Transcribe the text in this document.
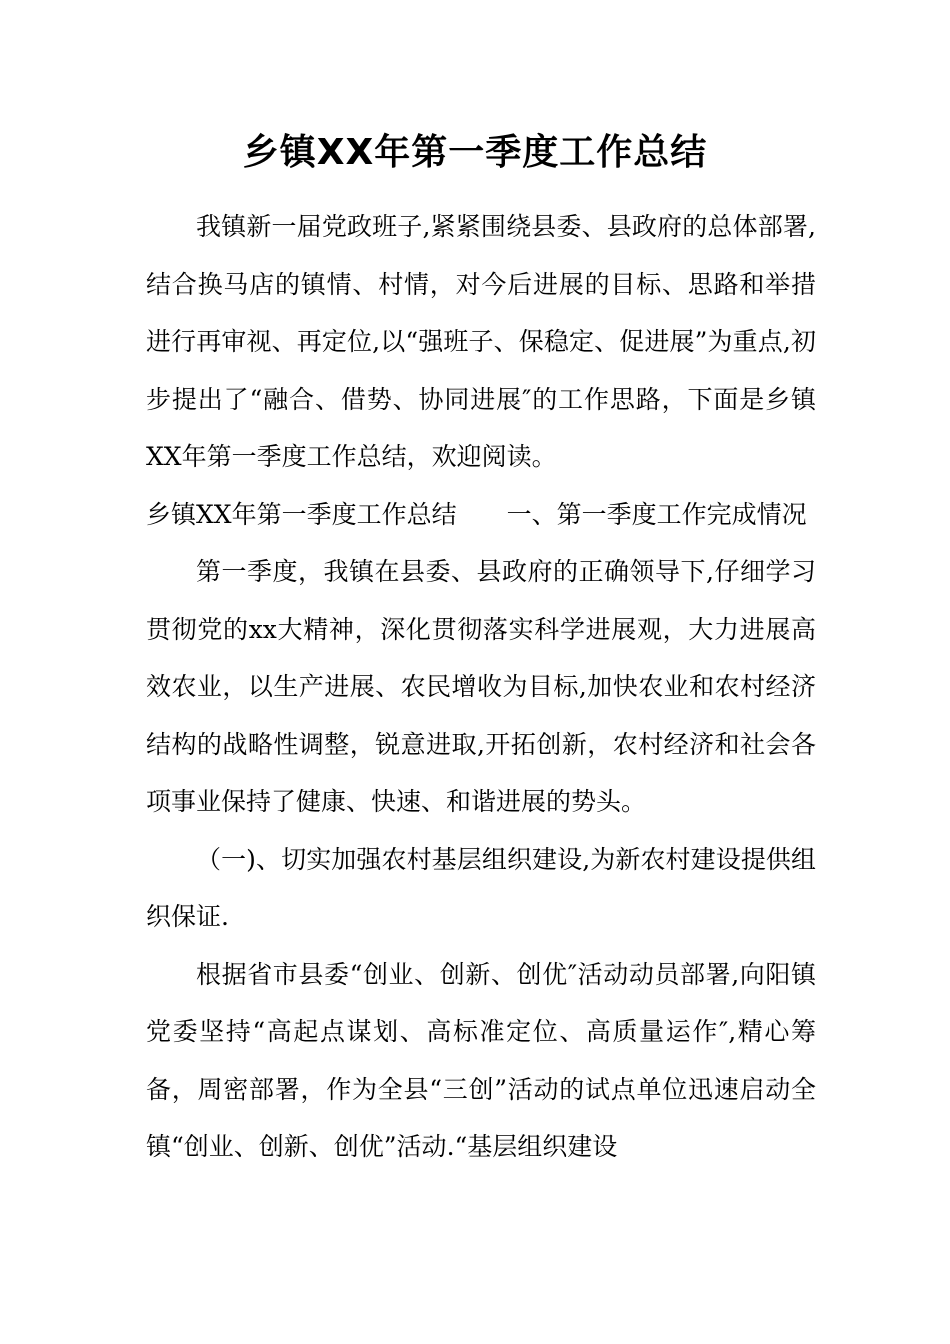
乡镇XX年第一季度工作总结

我镇新一届党政班子,紧紧围绕县委、县政府的总体部署,结合换马店的镇情、村情，对今后进展的目标、思路和举措进行再审视、再定位,以“强班子、保稳定、促进展”为重点,初步提出了“融合、借势、协同进展″的工作思路，下面是乡镇XX年第一季度工作总结，欢迎阅读。

乡镇XX年第一季度工作总结 一、第一季度工作完成情况

第一季度，我镇在县委、县政府的正确领导下,仔细学习贯彻党的xx大精神，深化贯彻落实科学进展观，大力进展高效农业，以生产进展、农民增收为目标,加快农业和农村经济结构的战略性调整，锐意进取,开拓创新，农村经济和社会各项事业保持了健康、快速、和谐进展的势头。

（一)、切实加强农村基层组织建设,为新农村建设提供组织保证.

根据省市县委“创业、创新、创优″活动动员部署,向阳镇党委坚持“高起点谋划、高标准定位、高质量运作″,精心筹备，周密部署，作为全县“三创”活动的试点单位迅速启动全镇“创业、创新、创优”活动.“基层组织建设
